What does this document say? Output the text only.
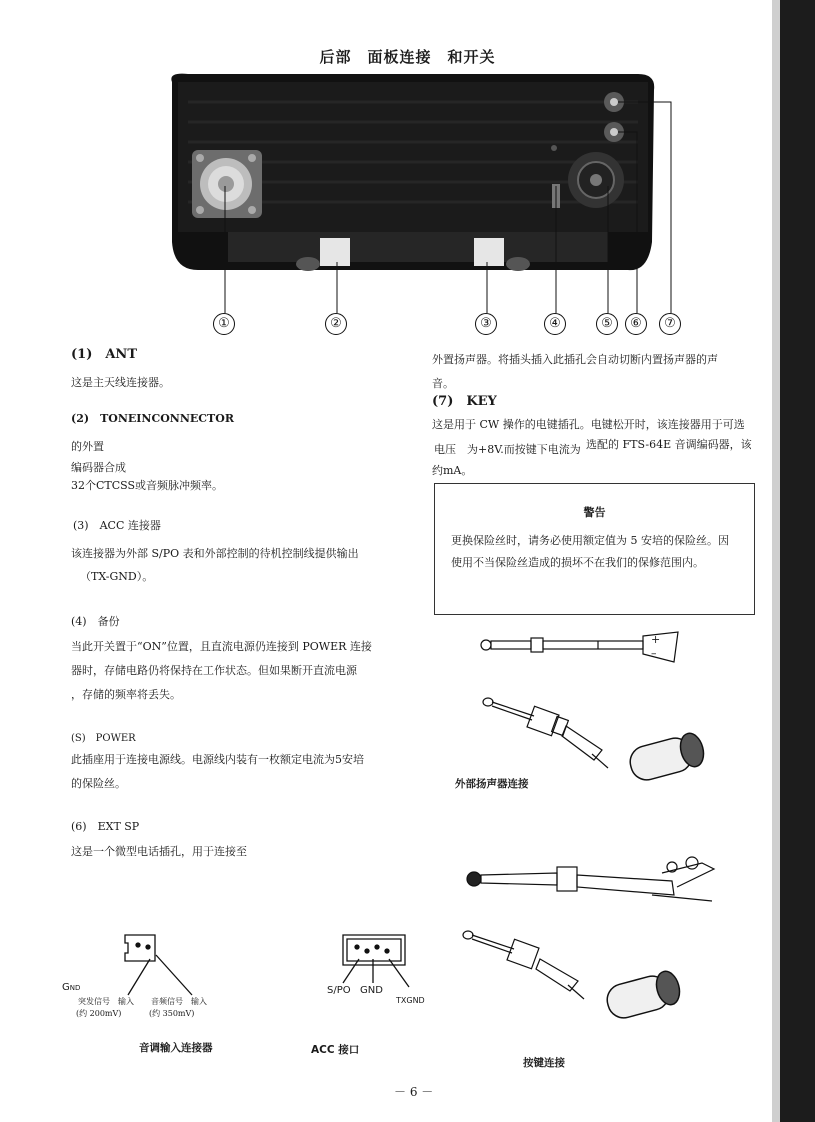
后部　面板连接　和开关
①	②	③	④	⑤	⑥	⑦
(1)　ANT
这是主天线连接器。
(2)　TONEINCONNECTOR
的外置
编码器合成
32个CTCSS或音频脉冲频率。
(3)　ACC 连接器
该连接器为外部 S/PO 表和外部控制的待机控制线提供输出
（TX-GND）。
(4)　备份
当此开关置于“ON”位置，且直流电源仍连接到 POWER 连接
器时，存储电路仍将保持在工作状态。但如果断开直流电源
，存储的频率将丢失。
(S)　POWER
此插座用于连接电源线。电源线内装有一枚额定电流为5安培
的保险丝。
(6)　EXT SP
这是一个微型电话插孔，用于连接至
外置扬声器。将插头插入此插孔会自动切断内置扬声器的声
音。
(7)　KEY
这是用于 CW 操作的电键插孔。电键松开时，该连接器用于可选
电压　为+8V.而按键下电流为 选配的 FTS-64E 音调编码器，该
约mA。
警告
更换保险丝时，请务必使用额定值为 5 安培的保险丝。因
使用不当保险丝造成的损坏不在我们的保修范围内。
+
–
外部扬声器连接
按键连接
GND
突发信号　输入
(约 200mV)
音频信号　输入
(约 350mV)
音调输入连接器
S/PO GND
TXGND
ACC 接口
－ 6 －
